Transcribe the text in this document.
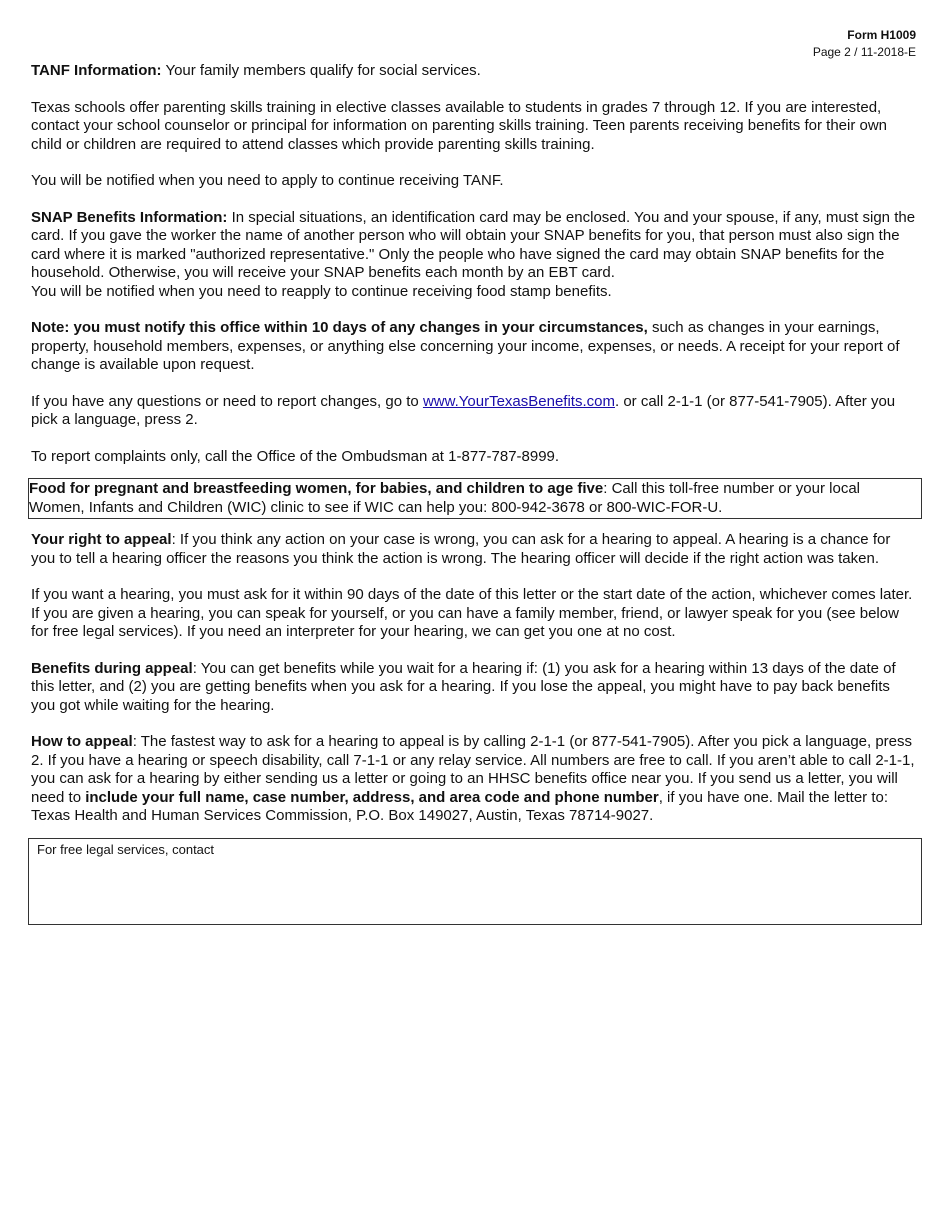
Form H1009
Page 2 / 11-2018-E

TANF Information: Your family members qualify for social services.

Texas schools offer parenting skills training in elective classes available to students in grades 7 through 12. If you are interested, contact your school counselor or principal for information on parenting skills training. Teen parents receiving benefits for their own child or children are required to attend classes which provide parenting skills training.

You will be notified when you need to apply to continue receiving TANF.

SNAP Benefits Information: In special situations, an identification card may be enclosed. You and your spouse, if any, must sign the card. If you gave the worker the name of another person who will obtain your SNAP benefits for you, that person must also sign the card where it is marked "authorized representative." Only the people who have signed the card may obtain SNAP benefits for the household. Otherwise, you will receive your SNAP benefits each month by an EBT card.

You will be notified when you need to reapply to continue receiving food stamp benefits.

Note: you must notify this office within 10 days of any changes in your circumstances, such as changes in your earnings, property, household members, expenses, or anything else concerning your income, expenses, or needs. A receipt for your report of change is available upon request.

If you have any questions or need to report changes, go to www.YourTexasBenefits.com. or call 2-1-1 (or 877-541-7905). After you pick a language, press 2.

To report complaints only, call the Office of the Ombudsman at 1-877-787-8999.

Food for pregnant and breastfeeding women, for babies, and children to age five: Call this toll-free number or your local Women, Infants and Children (WIC) clinic to see if WIC can help you: 800-942-3678 or 800-WIC-FOR-U.

Your right to appeal: If you think any action on your case is wrong, you can ask for a hearing to appeal. A hearing is a chance for you to tell a hearing officer the reasons you think the action is wrong. The hearing officer will decide if the right action was taken.

If you want a hearing, you must ask for it within 90 days of the date of this letter or the start date of the action, whichever comes later. If you are given a hearing, you can speak for yourself, or you can have a family member, friend, or lawyer speak for you (see below for free legal services). If you need an interpreter for your hearing, we can get you one at no cost.

Benefits during appeal: You can get benefits while you wait for a hearing if: (1) you ask for a hearing within 13 days of the date of this letter, and (2) you are getting benefits when you ask for a hearing. If you lose the appeal, you might have to pay back benefits you got while waiting for the hearing.

How to appeal: The fastest way to ask for a hearing to appeal is by calling 2-1-1 (or 877-541-7905). After you pick a language, press 2. If you have a hearing or speech disability, call 7-1-1 or any relay service. All numbers are free to call. If you aren’t able to call 2-1-1, you can ask for a hearing by either sending us a letter or going to an HHSC benefits office near you. If you send us a letter, you will need to include your full name, case number, address, and area code and phone number, if you have one. Mail the letter to: Texas Health and Human Services Commission, P.O. Box 149027, Austin, Texas 78714-9027.

For free legal services, contact
